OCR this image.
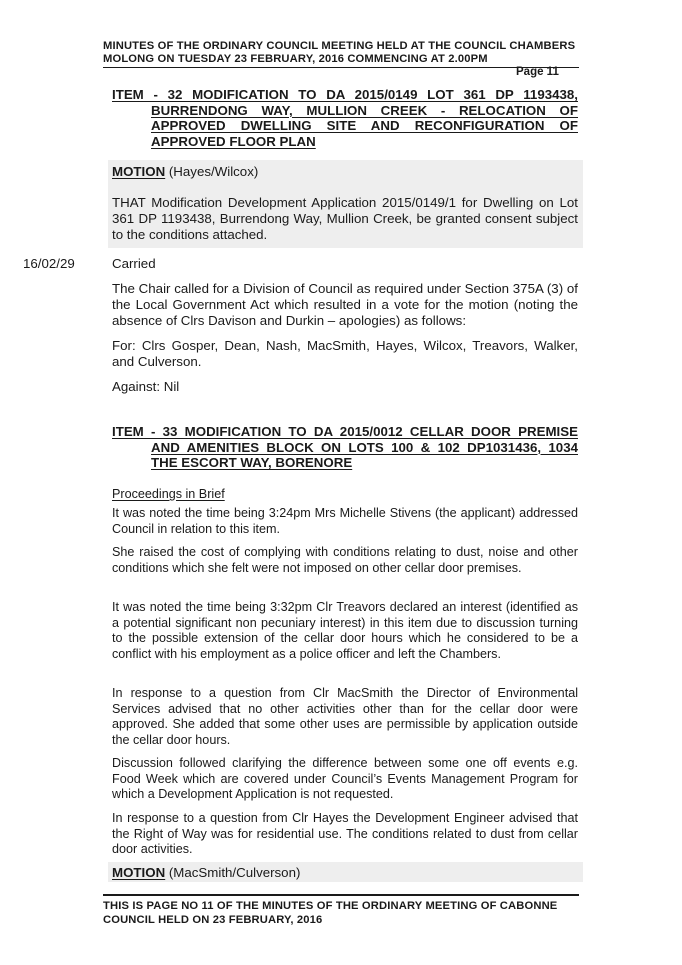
MINUTES OF THE ORDINARY COUNCIL MEETING HELD AT THE COUNCIL CHAMBERS
MOLONG ON TUESDAY 23 FEBRUARY, 2016 COMMENCING AT 2.00PM
Page 11
ITEM - 32 MODIFICATION TO DA 2015/0149 LOT 361 DP 1193438,
BURRENDONG WAY, MULLION CREEK - RELOCATION OF
APPROVED DWELLING SITE AND RECONFIGURATION OF
APPROVED FLOOR PLAN
MOTION (Hayes/Wilcox)

THAT Modification Development Application 2015/0149/1 for Dwelling on Lot 361 DP 1193438, Burrendong Way, Mullion Creek, be granted consent subject to the conditions attached.

16/02/29	Carried

The Chair called for a Division of Council as required under Section 375A (3) of the Local Government Act which resulted in a vote for the motion (noting the absence of Clrs Davison and Durkin – apologies) as follows:

For: Clrs Gosper, Dean, Nash, MacSmith, Hayes, Wilcox, Treavors, Walker, and Culverson.

Against: Nil

ITEM - 33 MODIFICATION TO DA 2015/0012 CELLAR DOOR PREMISE
AND AMENITIES BLOCK ON LOTS 100 & 102 DP1031436, 1034
THE ESCORT WAY, BORENORE
Proceedings in Brief

It was noted the time being 3:24pm Mrs Michelle Stivens (the applicant) addressed Council in relation to this item.

She raised the cost of complying with conditions relating to dust, noise and other conditions which she felt were not imposed on other cellar door premises.

It was noted the time being 3:32pm Clr Treavors declared an interest (identified as a potential significant non pecuniary interest) in this item due to discussion turning to the possible extension of the cellar door hours which he considered to be a conflict with his employment as a police officer and left the Chambers.

In response to a question from Clr MacSmith the Director of Environmental Services advised that no other activities other than for the cellar door were approved. She added that some other uses are permissible by application outside the cellar door hours.

Discussion followed clarifying the difference between some one off events e.g. Food Week which are covered under Council’s Events Management Program for which a Development Application is not requested.

In response to a question from Clr Hayes the Development Engineer advised that the Right of Way was for residential use. The conditions related to dust from cellar door activities.

MOTION (MacSmith/Culverson)
THIS IS PAGE NO 11 OF THE MINUTES OF THE ORDINARY MEETING OF CABONNE
COUNCIL HELD ON 23 FEBRUARY, 2016
